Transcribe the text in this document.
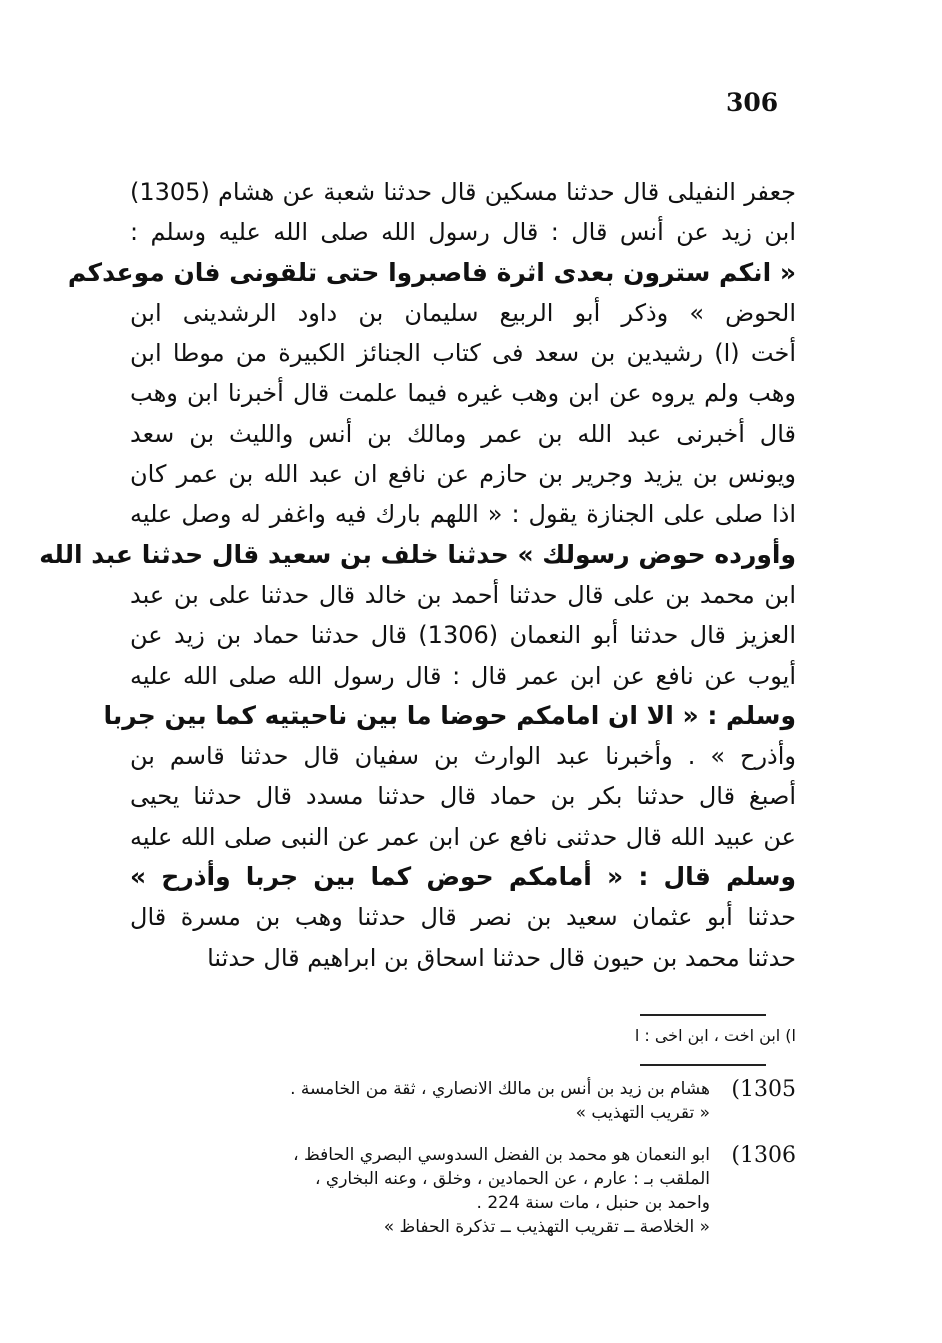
306
جعفر النفيلى قال حدثنا مسكين قال حدثنا شعبة عن هشام (1305)
ابن زيد عن أنس قال : قال رسول الله صلى الله عليه وسلم :
« انكم سترون بعدى اثرة فاصبروا حتى تلقونى فان موعدكم
الحوض » وذكر أبو الربيع سليمان بن داود الرشدينى ابن
أخت (ا) رشيدين بن سعد فى كتاب الجنائز الكبيرة من موطا ابن
وهب ولم يروه عن ابن وهب غيره فيما علمت قال أخبرنا ابن وهب
قال أخبرنى عبد الله بن عمر ومالك بن أنس والليث بن سعد
ويونس بن يزيد وجرير بن حازم عن نافع ان عبد الله بن عمر كان
اذا صلى على الجنازة يقول : « اللهم بارك فيه واغفر له وصل عليه
وأورده حوض رسولك » حدثنا خلف بن سعيد قال حدثنا عبد الله
ابن محمد بن على قال حدثنا أحمد بن خالد قال حدثنا على بن عبد
العزيز قال حدثنا أبو النعمان (1306) قال حدثنا حماد بن زيد عن
أيوب عن نافع عن ابن عمر قال : قال رسول الله صلى الله عليه
وسلم : « الا ان امامكم حوضا ما بين ناحيتيه كما بين جربا
وأذرح » . وأخبرنا عبد الوارث بن سفيان قال حدثنا قاسم بن
أصبغ قال حدثنا بكر بن حماد قال حدثنا مسدد قال حدثنا يحيى
عن عبيد الله قال حدثنى نافع عن ابن عمر عن النبى صلى الله عليه
وسلم قال : « أمامكم حوض كما بين جربا وأذرح »
حدثنا أبو عثمان سعيد بن نصر قال حدثنا وهب بن مسرة قال
حدثنا محمد بن حيون قال حدثنا اسحاق بن ابراهيم قال حدثنا
ا) ابن اخت ، ابن اخى : ا
1305)
هشام بن زيد بن أنس بن مالك الانصاري ، ثقة من الخامسة .
« تقريب التهذيب »
1306)
ابو النعمان هو محمد بن الفضل السدوسي البصري الحافظ ،
الملقب بـ : عارم ، عن الحمادين ، وخلق ، وعنه البخاري ،
واحمد بن حنبل ، مات سنة 224 .
« الخلاصة ــ تقريب التهذيب ــ تذكرة الحفاظ »
